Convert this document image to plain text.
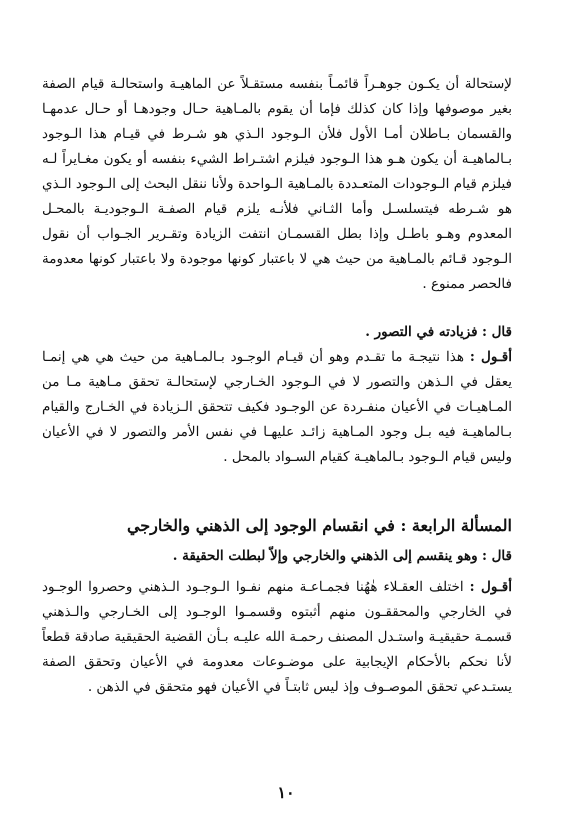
لإستحالة أن يكـون جوهـراً قائمـاً بنفسه مستقـلاً عن الماهيـة واستحالـة قيام الصفة بغير موصوفها وإذا كان كذلك فإما أن يقوم بالمـاهية حـال وجودهـا أو حـال عدمهـا والقسمان بـاطلان أمـا الأول فلأن الـوجود الـذي هو شـرط في قيـام هذا الـوجود بـالماهيـة أن يكون هـو هذا الـوجود فيلزم اشتـراط الشيء بنفسه أو يكون مغـايراً لـه فيلزم قيام الـوجودات المتعـددة بالمـاهية الـواحدة ولأنا ننقل البحث إلى الـوجود الـذي هو شـرطه فيتسلسـل وأما الثـاني فلأنـه يلزم قيام الصفـة الـوجوديـة بالمحـل المعدوم وهـو باطـل وإذا بطل القسمـان انتفت الزيادة وتقـرير الجـواب أن نقول الـوجود قـائم بالمـاهية من حيث هي لا باعتبار كونها موجودة ولا باعتبار كونها معدومة فالحصر ممنوع .

قال : فزيادته في التصور .

أقـول : هذا نتيجـة ما تقـدم وهو أن قيـام الوجـود بـالمـاهية من حيث هي هي إنمـا يعقل في الـذهن والتصور لا في الـوجود الخـارجي لإستحالـة تحقق مـاهية مـا من المـاهيـات في الأعيان منفـردة عن الوجـود فكيف تتحقق الـزيادة في الخـارج والقيام بـالماهيـة فيه بـل وجود المـاهية زائـد عليهـا في نفس الأمر والتصور لا في الأعيان وليس قيام الـوجود بـالماهيـة كقيام السـواد بالمحل .

المسألة الرابعة : في انقسام الوجود إلى الذهني والخارجي

قال : وهو ينقسم إلى الذهني والخارجي وإلاّ لبطلت الحقيقة .

أقـول : اختلف العقـلاء هٰهُنا فجمـاعـة منهم نفـوا الـوجـود الـذهني وحصروا الوجـود في الخارجي والمحققـون منهم أثبتوه وقسمـوا الوجـود إلى الخـارجي والـذهني قسمـة حقيقيـة واستـدل المصنف رحمـة الله عليـه بـأن القضية الحقيقية صادقة قطعاً لأنا نحكم بالأحكام الإيجابية على موضـوعات معدومة في الأعيان وتحقق الصفة يستـدعي تحقق الموصـوف وإذ ليس ثابتـاً في الأعيان فهو متحقق في الذهن .

١٠
